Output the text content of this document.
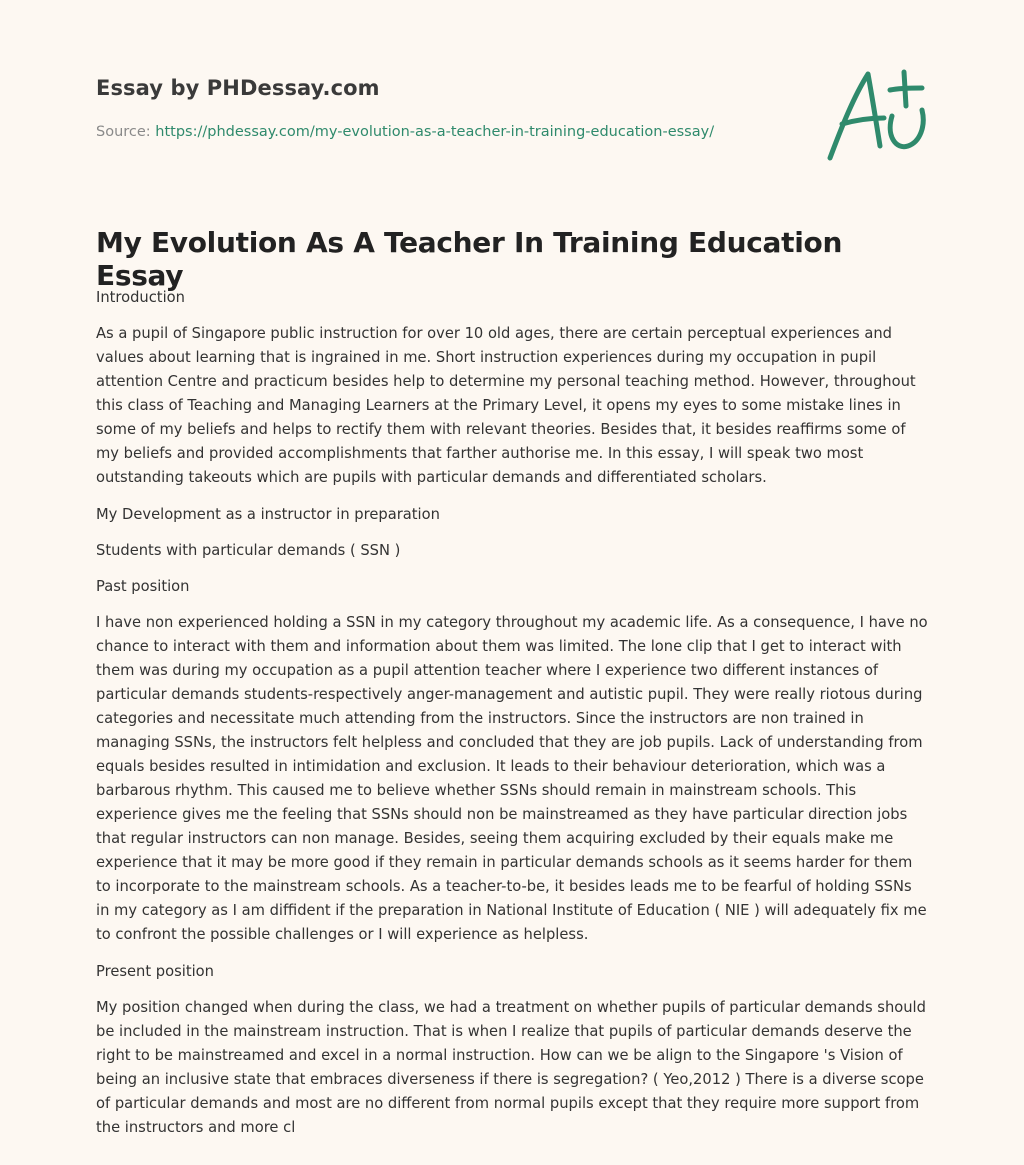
Essay by PHDessay.com
Source: https://phdessay.com/my-evolution-as-a-teacher-in-training-education-essay/
My Evolution As A Teacher In Training Education Essay

Introduction

As a pupil of Singapore public instruction for over 10 old ages, there are certain perceptual experiences and values about learning that is ingrained in me. Short instruction experiences during my occupation in pupil attention Centre and practicum besides help to determine my personal teaching method. However, throughout this class of Teaching and Managing Learners at the Primary Level, it opens my eyes to some mistake lines in some of my beliefs and helps to rectify them with relevant theories. Besides that, it besides reaffirms some of my beliefs and provided accomplishments that farther authorise me. In this essay, I will speak two most outstanding takeouts which are pupils with particular demands and differentiated scholars.

My Development as a instructor in preparation

Students with particular demands ( SSN )

Past position

I have non experienced holding a SSN in my category throughout my academic life. As a consequence, I have no chance to interact with them and information about them was limited. The lone clip that I get to interact with them was during my occupation as a pupil attention teacher where I experience two different instances of particular demands students-respectively anger-management and autistic pupil. They were really riotous during categories and necessitate much attending from the instructors. Since the instructors are non trained in managing SSNs, the instructors felt helpless and concluded that they are job pupils. Lack of understanding from equals besides resulted in intimidation and exclusion. It leads to their behaviour deterioration, which was a barbarous rhythm. This caused me to believe whether SSNs should remain in mainstream schools. This experience gives me the feeling that SSNs should non be mainstreamed as they have particular direction jobs that regular instructors can non manage. Besides, seeing them acquiring excluded by their equals make me experience that it may be more good if they remain in particular demands schools as it seems harder for them to incorporate to the mainstream schools. As a teacher-to-be, it besides leads me to be fearful of holding SSNs in my category as I am diffident if the preparation in National Institute of Education ( NIE ) will adequately fix me to confront the possible challenges or I will experience as helpless.

Present position

My position changed when during the class, we had a treatment on whether pupils of particular demands should be included in the mainstream instruction. That is when I realize that pupils of particular demands deserve the right to be mainstreamed and excel in a normal instruction. How can we be align to the Singapore 's Vision of being an inclusive state that embraces diverseness if there is segregation? ( Yeo,2012 ) There is a diverse scope of particular demands and most are no different from normal pupils except that they require more support from the instructors and more cl
